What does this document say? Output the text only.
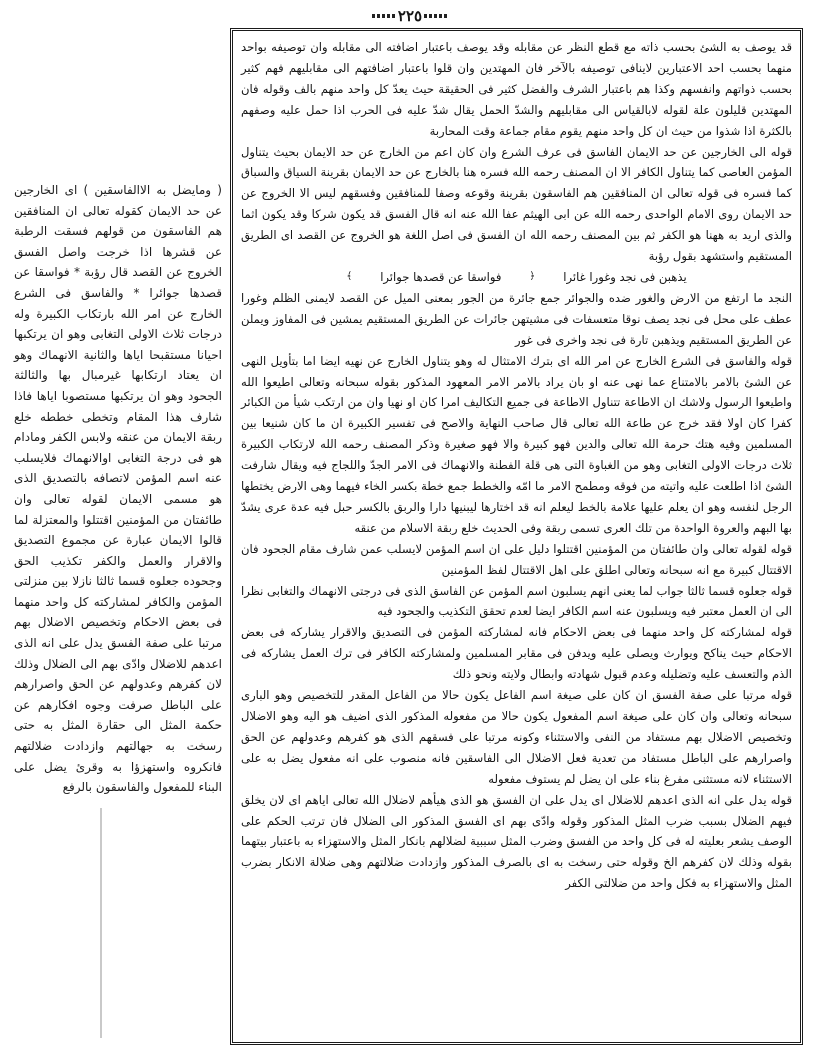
٢٢٥

قد يوصف به الشئ بحسب ذاته مع قطع النظر عن مقابله وقد يوصف باعتبار اضافته الى مقابله وان توصيفه بواحد منهما بحسب احد الاعتبارين لاينافى توصيفه بالآخر فان المهتدين وان قلوا باعتبار اضافتهم الى مقابليهم فهم كثير بحسب ذواتهم وانفسهم وكذا هم باعتبار الشرف والفضل كثير فى الحقيقة حيث يعدّ كل واحد منهم بالف وقوله فان المهتدين قليلون علة لقوله لابالقياس الى مقابليهم والشدّ الحمل يقال شدّ عليه فى الحرب اذا حمل عليه وصفهم بالكثرة اذا شذوا من حيث ان كل واحد منهم يقوم مقام جماعة وقت المحاربة

قوله الى الخارجين عن حد الايمان الفاسق فى عرف الشرع وان كان اعم من الخارج عن حد الايمان بحيث يتناول المؤمن العاصى كما يتناول الكافر الا ان المصنف رحمه الله فسره هنا بالخارج عن حد الايمان بقرينة السياق والسباق كما فسره فى قوله تعالى ان المنافقين هم الفاسقون بقرينة وقوعه وصفا للمنافقين وفسقهم ليس الا الخروج عن حد الايمان روى الامام الواحدى رحمه الله عن ابى الهيثم عفا الله عنه انه قال الفسق قد يكون شركا وقد يكون اثما والذى اريد به ههنا هو الكفر ثم بين المصنف رحمه الله ان الفسق فى اصل اللغة هو الخروج عن القصد اى الطريق المستقيم واستشهد بقول رؤبة

يذهبن فى نجد وغورا غائرا
﴿
فواسقا عن قصدها جوائرا
﴾

النجد ما ارتفع من الارض والغور ضده والجوائر جمع جائرة من الجور بمعنى الميل عن القصد لايمنى الظلم وغورا عطف على محل فى نجد يصف نوقا متعسفات فى مشيتهن جائرات عن الطريق المستقيم يمشين فى المفاوز ويملن عن الطريق المستقيم ويذهبن تارة فى نجد واخرى فى غور

قوله والفاسق فى الشرع الخارج عن امر الله اى بترك الامتثال له وهو يتناول الخارج عن نهيه ايضا اما بتأويل النهى عن الشئ بالامر بالامتناع عما نهى عنه او بان يراد بالامر الامر المعهود المذكور بقوله سبحانه وتعالى اطيعوا الله واطيعوا الرسول ولاشك ان الاطاعة تتناول الاطاعة فى جميع التكاليف امرا كان او نهيا وان من ارتكب شيأ من الكبائر كفرا كان اولا فقد خرج عن طاعة الله تعالى قال صاحب النهاية والاصح فى تفسير الكبيرة ان ما كان شنيعا بين المسلمين وفيه هتك حرمة الله تعالى والدين فهو كبيرة والا فهو صغيرة وذكر المصنف رحمه الله لارتكاب الكبيرة ثلاث درجات الاولى التغابى وهو من الغباوة التى هى قلة الفطنة والانهماك فى الامر الجدّ واللجاج فيه ويقال شارفت الشئ اذا اطلعت عليه واتيته من فوقه ومطمح الامر ما امّه والخطط جمع خطة بكسر الخاء فيهما وهى الارض يختطها الرجل لنفسه وهو ان يعلم عليها علامة بالخط ليعلم انه قد اختارها ليبنيها دارا والربق بالكسر حبل فيه عدة عرى يشدّ بها البهم والعروة الواحدة من تلك العرى تسمى ربقة وفى الحديث خلع ربقة الاسلام من عنقه

قوله لقوله تعالى وان طائفتان من المؤمنين اقتتلوا دليل على ان اسم المؤمن لايسلب عمن شارف مقام الجحود فان الاقتتال كبيرة مع انه سبحانه وتعالى اطلق على اهل الاقتتال لفظ المؤمنين

قوله جعلوه قسما ثالثا جواب لما يعنى انهم يسلبون اسم المؤمن عن الفاسق الذى فى درجتى الانهماك والتغابى نظرا الى ان العمل معتبر فيه ويسلبون عنه اسم الكافر ايضا لعدم تحقق التكذيب والجحود فيه

قوله لمشاركته كل واحد منهما فى بعض الاحكام فانه لمشاركته المؤمن فى التصديق والاقرار يشاركه فى بعض الاحكام حيث يناكح ويوارث ويصلى عليه ويدفن فى مقابر المسلمين ولمشاركته الكافر فى ترك العمل يشاركه فى الذم والتعسف عليه وتضليله وعدم قبول شهادته وابطال ولايته ونحو ذلك

قوله مرتبا على صفة الفسق ان كان على صيغة اسم الفاعل يكون حالا من الفاعل المقدر للتخصيص وهو البارى سبحانه وتعالى وان كان على صيغة اسم المفعول يكون حالا من مفعوله المذكور الذى اضيف هو اليه وهو الاضلال وتخصيص الاضلال بهم مستفاد من النفى والاستثناء وكونه مرتبا على فسقهم الذى هو كفرهم وعدولهم عن الحق واصرارهم على الباطل مستفاد من تعدية فعل الاضلال الى الفاسقين فانه منصوب على انه مفعول يضل به على الاستثناء لانه مستثنى مفرغ بناء على ان يضل لم يستوف مفعوله

قوله يدل على انه الذى اعدهم للاضلال اى يدل على ان الفسق هو الذى هيأهم لاضلال الله تعالى اياهم اى لان يخلق فيهم الضلال بسبب ضرب المثل المذكور وقوله وادّى بهم اى الفسق المذكور الى الضلال فان ترتب الحكم على الوصف يشعر بعليته له فى كل واحد من الفسق وضرب المثل سببية لضلالهم بانكار المثل والاستهزاء به باعتبار بيتهما بقوله وذلك لان كفرهم الخ وقوله حتى رسخت به اى بالصرف المذكور وازدادت ضلالتهم وهى ضلالة الانكار بضرب المثل والاستهزاء به فكل واحد من ضلالتى الكفر

( ومايضل به الاالفاسقين ) اى الخارجين عن حد الايمان كقوله تعالى ان المنافقين هم الفاسقون من قولهم فسقت الرطبة عن قشرها اذا خرجت واصل الفسق الخروج عن القصد قال رؤبة * فواسقا عن قصدها جوائرا * والفاسق فى الشرع الخارج عن امر الله بارتكاب الكبيرة وله درجات ثلاث الاولى التغابى وهو ان يرتكبها احيانا مستقبحا اياها والثانية الانهماك وهو ان يعتاد ارتكابها غيرمبال بها والثالثة الجحود وهو ان يرتكبها مستصوبا اياها فاذا شارف هذا المقام وتخطى خططه خلع ربقة الايمان من عنقه ولابس الكفر ومادام هو فى درجة التغابى اوالانهماك فلايسلب عنه اسم المؤمن لاتصافه بالتصديق الذى هو مسمى الايمان لقوله تعالى وان طائفتان من المؤمنين اقتتلوا والمعتزلة لما قالوا الايمان عبارة عن مجموع التصديق والاقرار والعمل والكفر تكذيب الحق وجحوده جعلوه قسما ثالثا نازلا بين منزلتى المؤمن والكافر لمشاركته كل واحد منهما فى بعض الاحكام وتخصيص الاضلال بهم مرتبا على صفة الفسق يدل على انه الذى اعدهم للاضلال وادّى بهم الى الضلال وذلك لان كفرهم وعدولهم عن الحق واصرارهم على الباطل صرفت وجوه افكارهم عن حكمة المثل الى حقارة المثل به حتى رسخت به جهالتهم وازدادت ضلالتهم فانكروه واستهزؤا به وقرئ يضل على البناء للمفعول والفاسقون بالرفع
